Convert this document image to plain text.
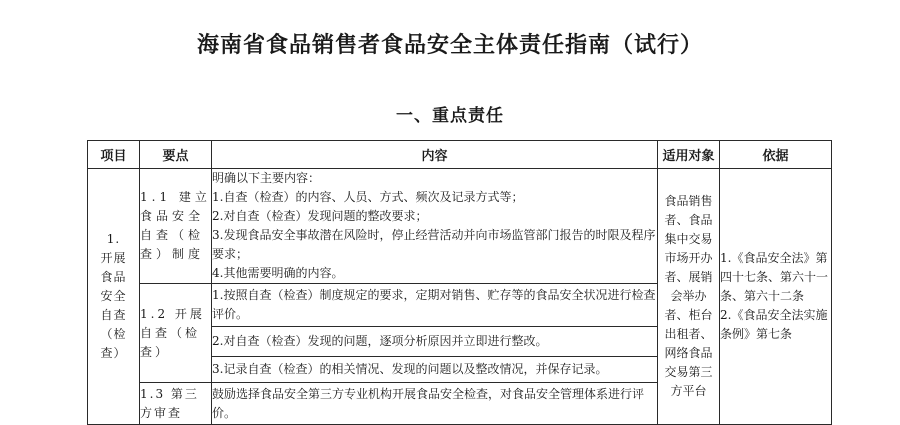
海南省食品销售者食品安全主体责任指南（试行）
一、重点责任
项目	要点	内容	适用对象	依据

1.开展食品安全自查（检查）	1.1 建立食品安全自查（检查）制度	明确以下主要内容：
1.自查（检查）的内容、人员、方式、频次及记录方式等；
2.对自查（检查）发现问题的整改要求；
3.发现食品安全事故潜在风险时，停止经营活动并向市场监管部门报告的时限及程序要求；
4.其他需要明确的内容。	食品销售者、食品集中交易市场开办者、展销会举办者、柜台出租者、网络食品交易第三方平台	1.《食品安全法》第四十七条、第六十一条、第六十二条
2.《食品安全法实施条例》第七条

	1.2 开展自查（检查）	1.按照自查（检查）制度规定的要求，定期对销售、贮存等的食品安全状况进行检查评价。		

		2.对自查（检查）发现的问题，逐项分析原因并立即进行整改。		

		3.记录自查（检查）的相关情况、发现的问题以及整改情况，并保存记录。		

	1.3 第三方审查	鼓励选择食品安全第三方专业机构开展食品安全检查，对食品安全管理体系进行评价。		
